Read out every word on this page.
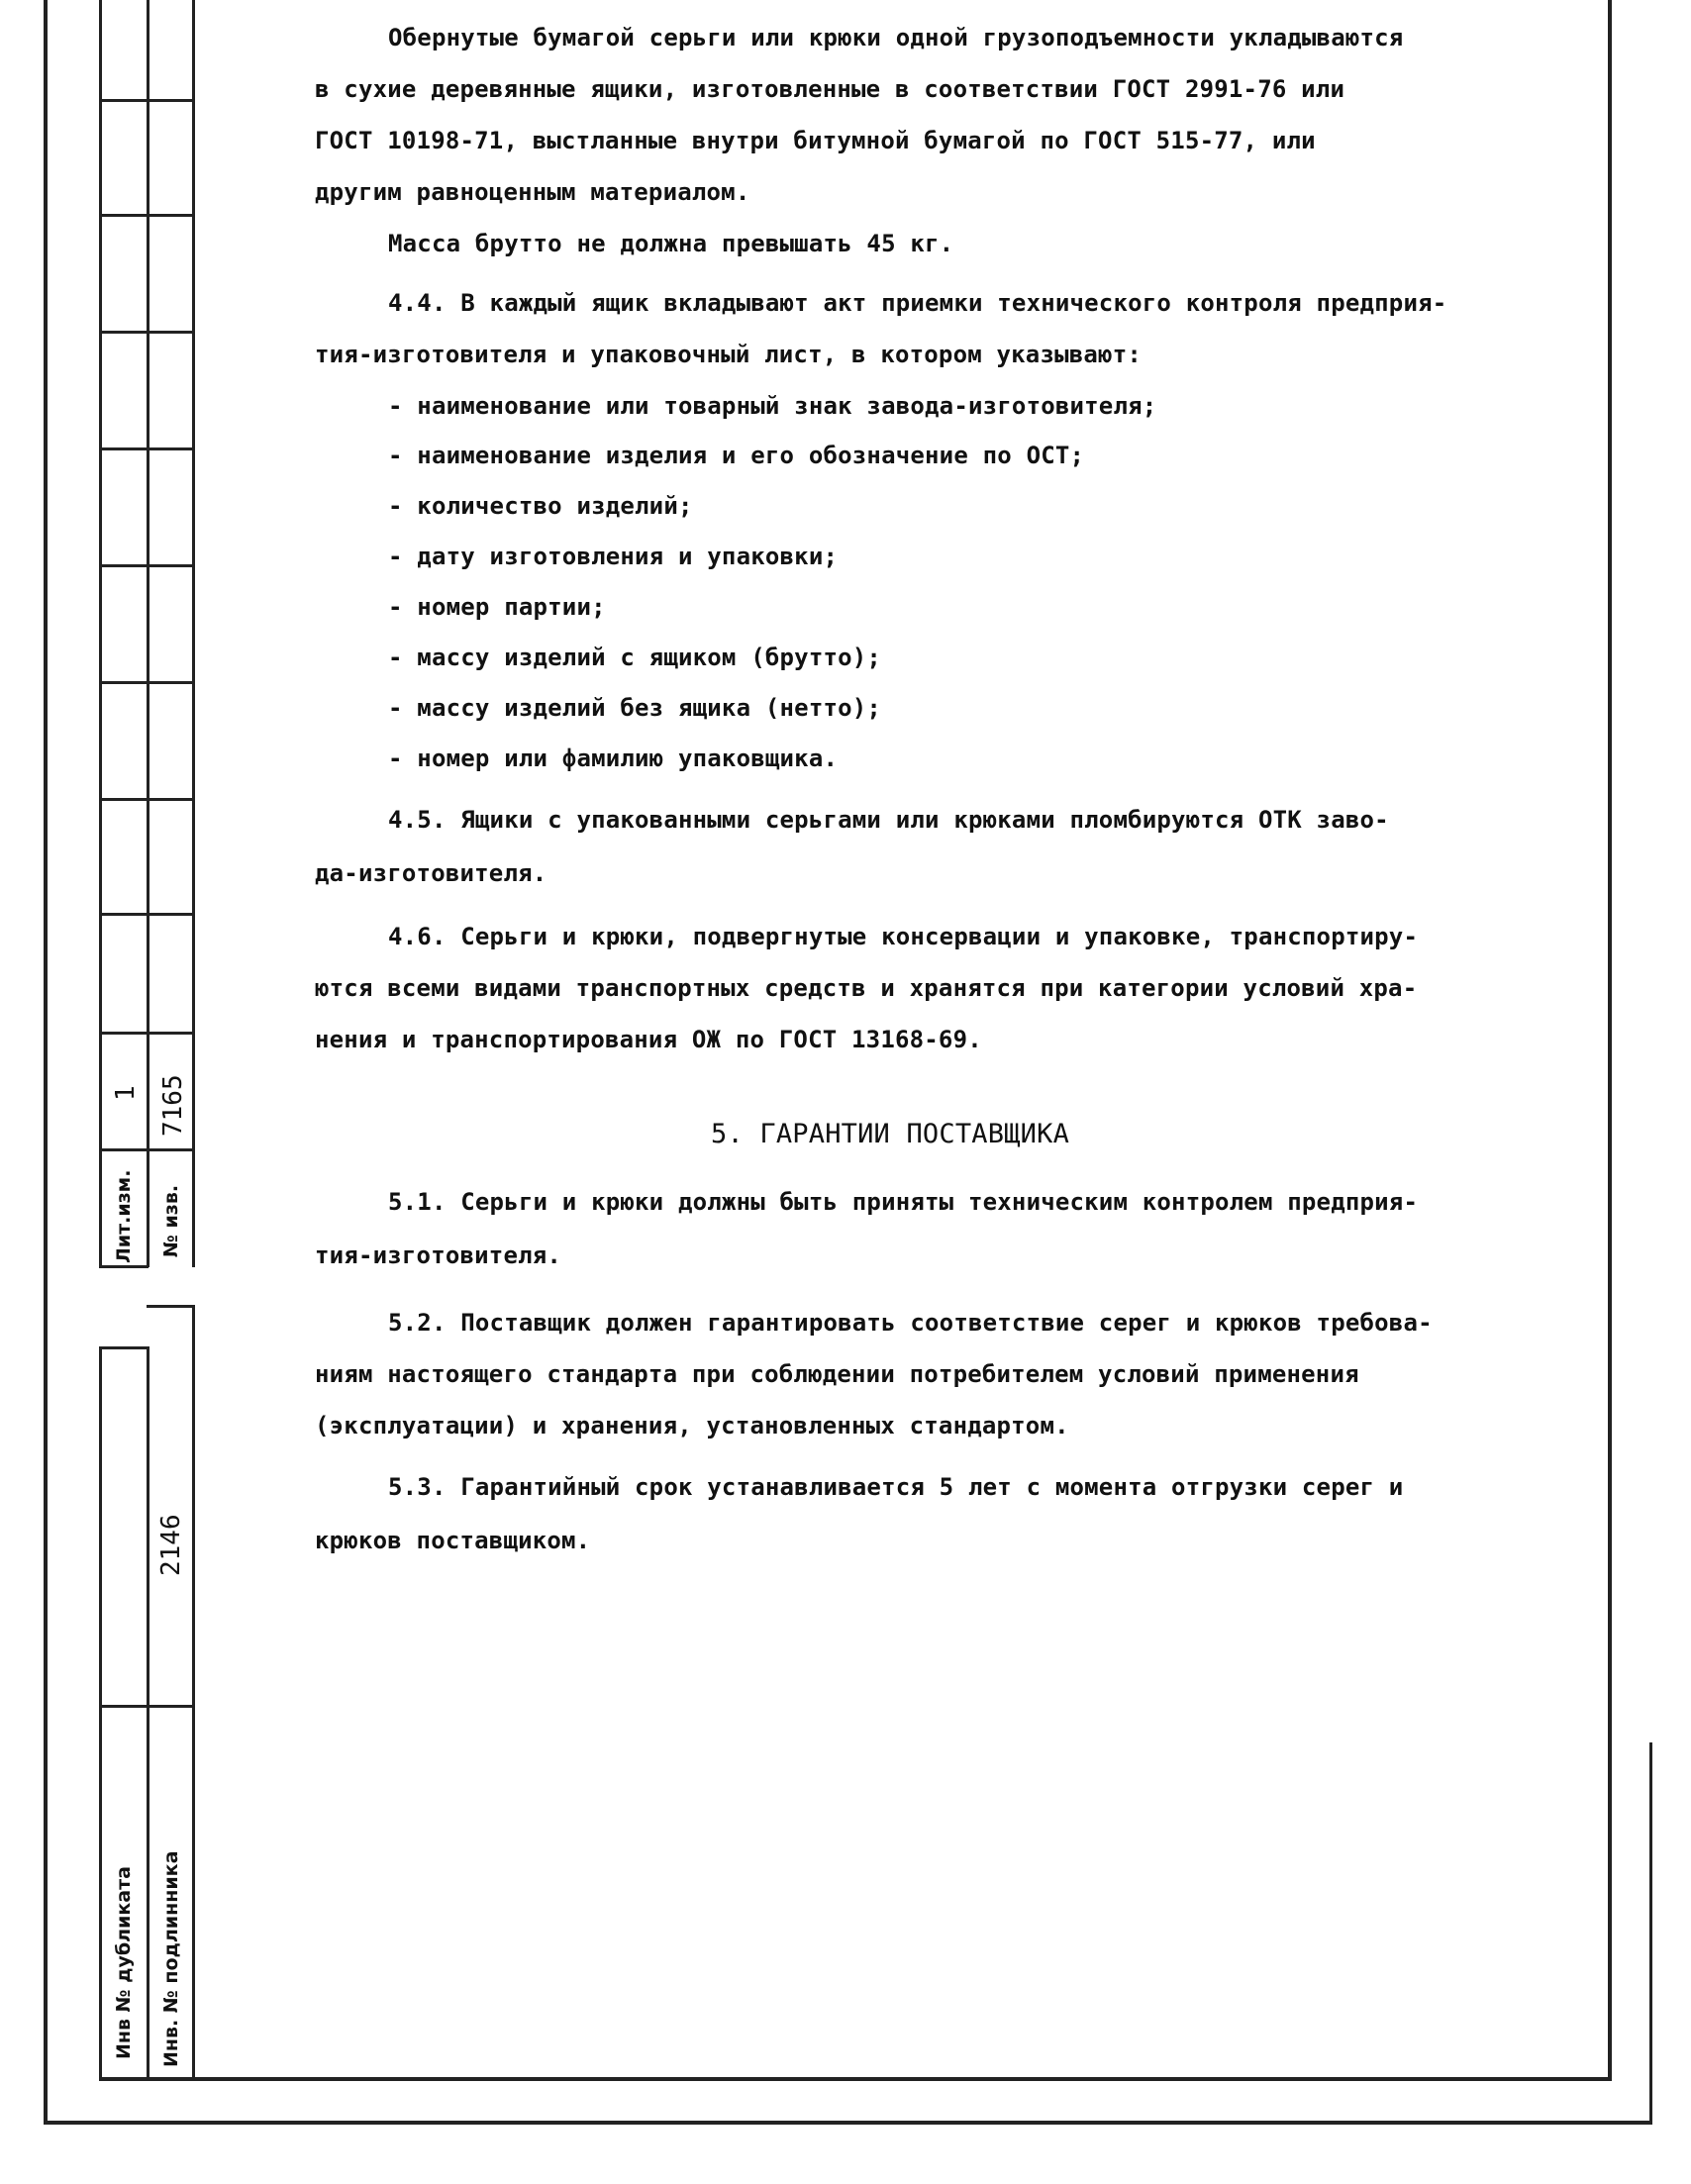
1 7165
Лит.изм. № изв.
2146
Инв № дубликата Инв. № подлинника
Обернутые бумагой серьги или крюки одной грузоподъемности укладываются
в сухие деревянные ящики, изготовленные в соответствии ГОСТ 2991-76 или
ГОСТ 10198-71, выстланные внутри битумной бумагой по ГОСТ 515-77, или
другим равноценным материалом.
Масса брутто не должна превышать 45 кг.
4.4. В каждый ящик вкладывают акт приемки технического контроля предприя-
тия-изготовителя и упаковочный лист, в котором указывают:
- наименование или товарный знак завода-изготовителя;
- наименование изделия и его обозначение по ОСТ;
- количество изделий;
- дату изготовления и упаковки;
- номер партии;
- массу изделий с ящиком (брутто);
- массу изделий без ящика (нетто);
- номер или фамилию упаковщика.
4.5. Ящики с упакованными серьгами или крюками пломбируются ОТК заво-
да-изготовителя.
4.6. Серьги и крюки, подвергнутые консервации и упаковке, транспортиру-
ются всеми видами транспортных средств и хранятся при категории условий хра-
нения и транспортирования ОЖ по ГОСТ 13168-69.
5. ГАРАНТИИ ПОСТАВЩИКА
5.1. Серьги и крюки должны быть приняты техническим контролем предприя-
тия-изготовителя.
5.2. Поставщик должен гарантировать соответствие серег и крюков требова-
ниям настоящего стандарта при соблюдении потребителем условий применения
(эксплуатации) и хранения, установленных стандартом.
5.3. Гарантийный срок устанавливается 5 лет с момента отгрузки серег и
крюков поставщиком.
